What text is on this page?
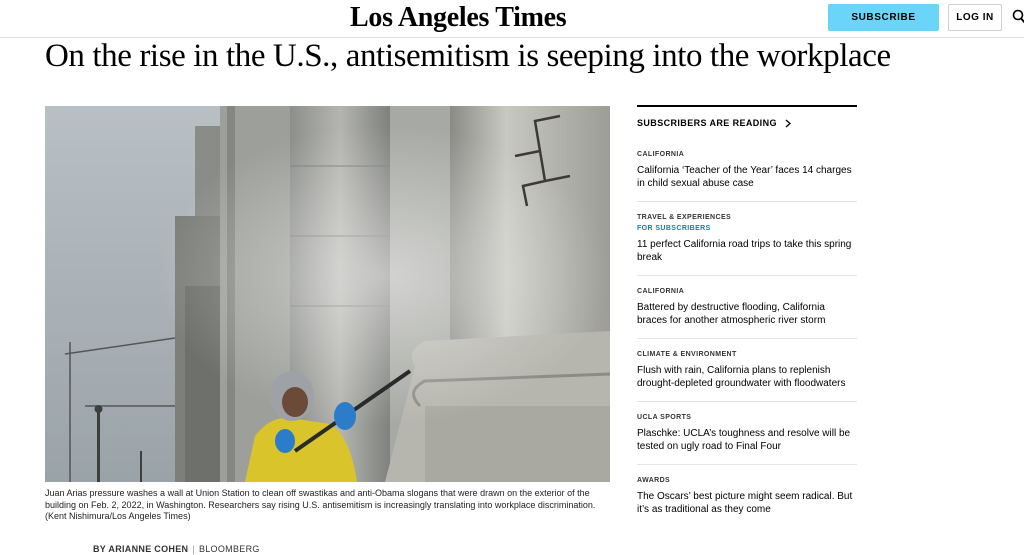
Los Angeles Times	SUBSCRIBE	LOG IN
On the rise in the U.S., antisemitism is seeping into the workplace

Juan Arias pressure washes a wall at Union Station to clean off swastikas and anti-Obama slogans that were drawn on the exterior of the building on Feb. 2, 2022, in Washington. Researchers say rising U.S. antisemitism is increasingly translating into workplace discrimination. (Kent Nishimura/Los Angeles Times)

BY ARIANNE COHEN | BLOOMBERG
SUBSCRIBERS ARE READING
CALIFORNIA
California ‘Teacher of the Year’ faces 14 charges in child sexual abuse case
TRAVEL & EXPERIENCES
FOR SUBSCRIBERS
11 perfect California road trips to take this spring break
CALIFORNIA
Battered by destructive flooding, California braces for another atmospheric river storm
CLIMATE & ENVIRONMENT
Flush with rain, California plans to replenish drought-depleted groundwater with floodwaters
UCLA SPORTS
Plaschke: UCLA’s toughness and resolve will be tested on ugly road to Final Four
AWARDS
The Oscars’ best picture might seem radical. But it’s as traditional as they come
